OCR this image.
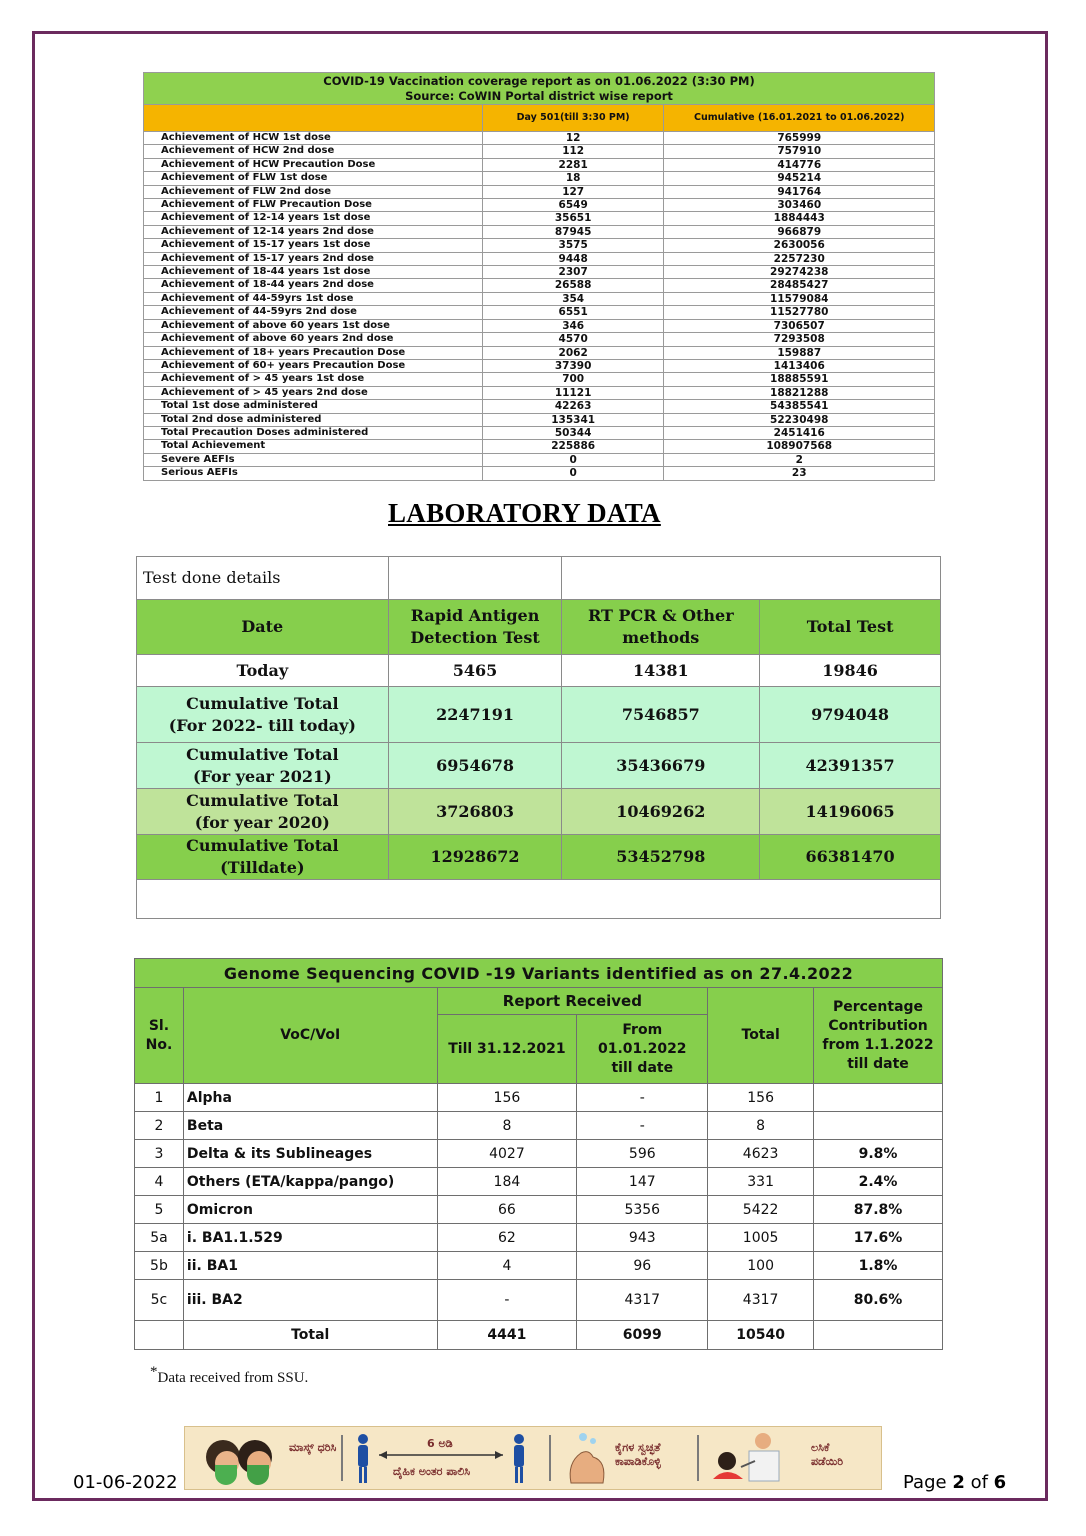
COVID-19 Vaccination coverage report as on 01.06.2022 (3:30 PM)
Source: CoWIN Portal district wise report		

	Day 501(till 3:30 PM)	Cumulative (16.01.2021 to 01.06.2022)
Achievement of HCW 1st dose	12	765999
Achievement of HCW 2nd dose	112	757910
Achievement of HCW Precaution Dose	2281	414776
Achievement of FLW 1st dose	18	945214
Achievement of FLW 2nd dose	127	941764
Achievement of FLW Precaution Dose	6549	303460
Achievement of 12-14 years 1st dose	35651	1884443
Achievement of 12-14 years 2nd dose	87945	966879
Achievement of 15-17 years 1st dose	3575	2630056
Achievement of 15-17 years 2nd dose	9448	2257230
Achievement of 18-44 years 1st dose	2307	29274238
Achievement of 18-44 years 2nd dose	26588	28485427
Achievement of 44-59yrs 1st dose	354	11579084
Achievement of 44-59yrs 2nd dose	6551	11527780
Achievement of above 60 years 1st dose	346	7306507
Achievement of above 60 years 2nd dose	4570	7293508
Achievement of 18+ years Precaution Dose	2062	159887
Achievement of 60+ years Precaution Dose	37390	1413406
Achievement of > 45 years 1st dose	700	18885591
Achievement of > 45 years 2nd dose	11121	18821288
Total 1st dose administered	42263	54385541
Total 2nd dose administered	135341	52230498
Total Precaution Doses administered	50344	2451416
Total Achievement	225886	108907568
Severe AEFIs	0	2
Serious AEFIs	0	23
LABORATORY DATA
Test done details			
Date	Rapid Antigen Detection Test	RT PCR & Other methods	Total Test
Today	5465	14381	19846

Cumulative Total
(For 2022- till today)	2247191	7546857	9794048

Cumulative Total
(For year 2021)	6954678	35436679	42391357

Cumulative Total
(for year 2020)	3726803	10469262	14196065

Cumulative Total
(Tilldate)	12928672	53452798	66381470

Genome Sequencing COVID -19 Variants identified as on 27.4.2022					
Sl. No.	VoC/VoI	Report Received		Total	Percentage Contribution from 1.1.2022 till date
		Till 31.12.2021	From 01.01.2022 till date		
1	Alpha	156	-	156	
2	Beta	8	-	8	
3	Delta & its Sublineages	4027	596	4623	9.8%
4	Others (ETA/kappa/pango)	184	147	331	2.4%
5	Omicron	66	5356	5422	87.8%
5a	i. BA1.1.529	62	943	1005	17.6%
5b	ii. BA1	4	96	100	1.8%
5c	iii. BA2	-	4317	4317	80.6%
	Total	4441	6099	10540	
*Data received from SSU.
ಮಾಸ್ಕ್ ಧರಿಸಿ	6 ಅಡಿ
ದೈಹಿಕ ಅಂತರ ಪಾಲಿಸಿ
ಕೈಗಳ ಸ್ವಚ್ಛತೆ ಕಾಪಾಡಿಕೊಳ್ಳಿ
ಲಸಿಕೆ ಪಡೆಯಿರಿ
01-06-2022	Page 2 of 6
